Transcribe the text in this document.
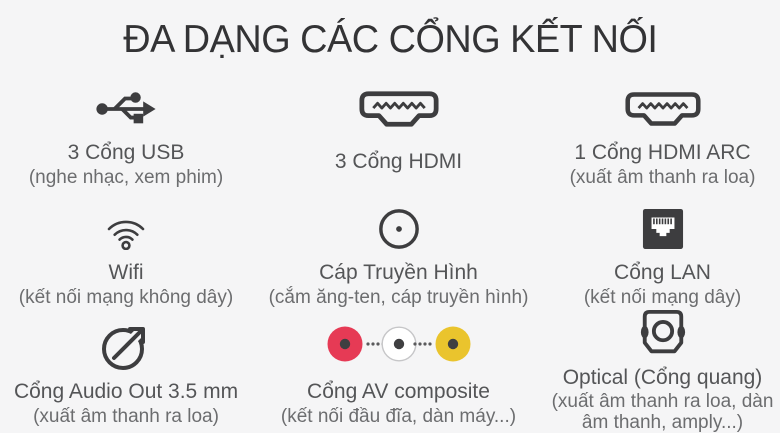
ĐA DẠNG CÁC CỔNG KẾT NỐI
3 Cổng USB
(nghe nhạc, xem phim)
3 Cổng HDMI	1 Cổng HDMI ARC
(xuất âm thanh ra loa)
Wifi
(kết nối mạng không dây)
Cáp Truyền Hình
(cắm ăng-ten, cáp truyền hình)
Cổng LAN
(kết nối mạng dây)
Cổng Audio Out 3.5 mm
(xuất âm thanh ra loa)
Cổng AV composite
(kết nối đầu đĩa, dàn máy...)
Optical (Cổng quang)
(xuất âm thanh ra loa, dàn âm thanh, amply...)
